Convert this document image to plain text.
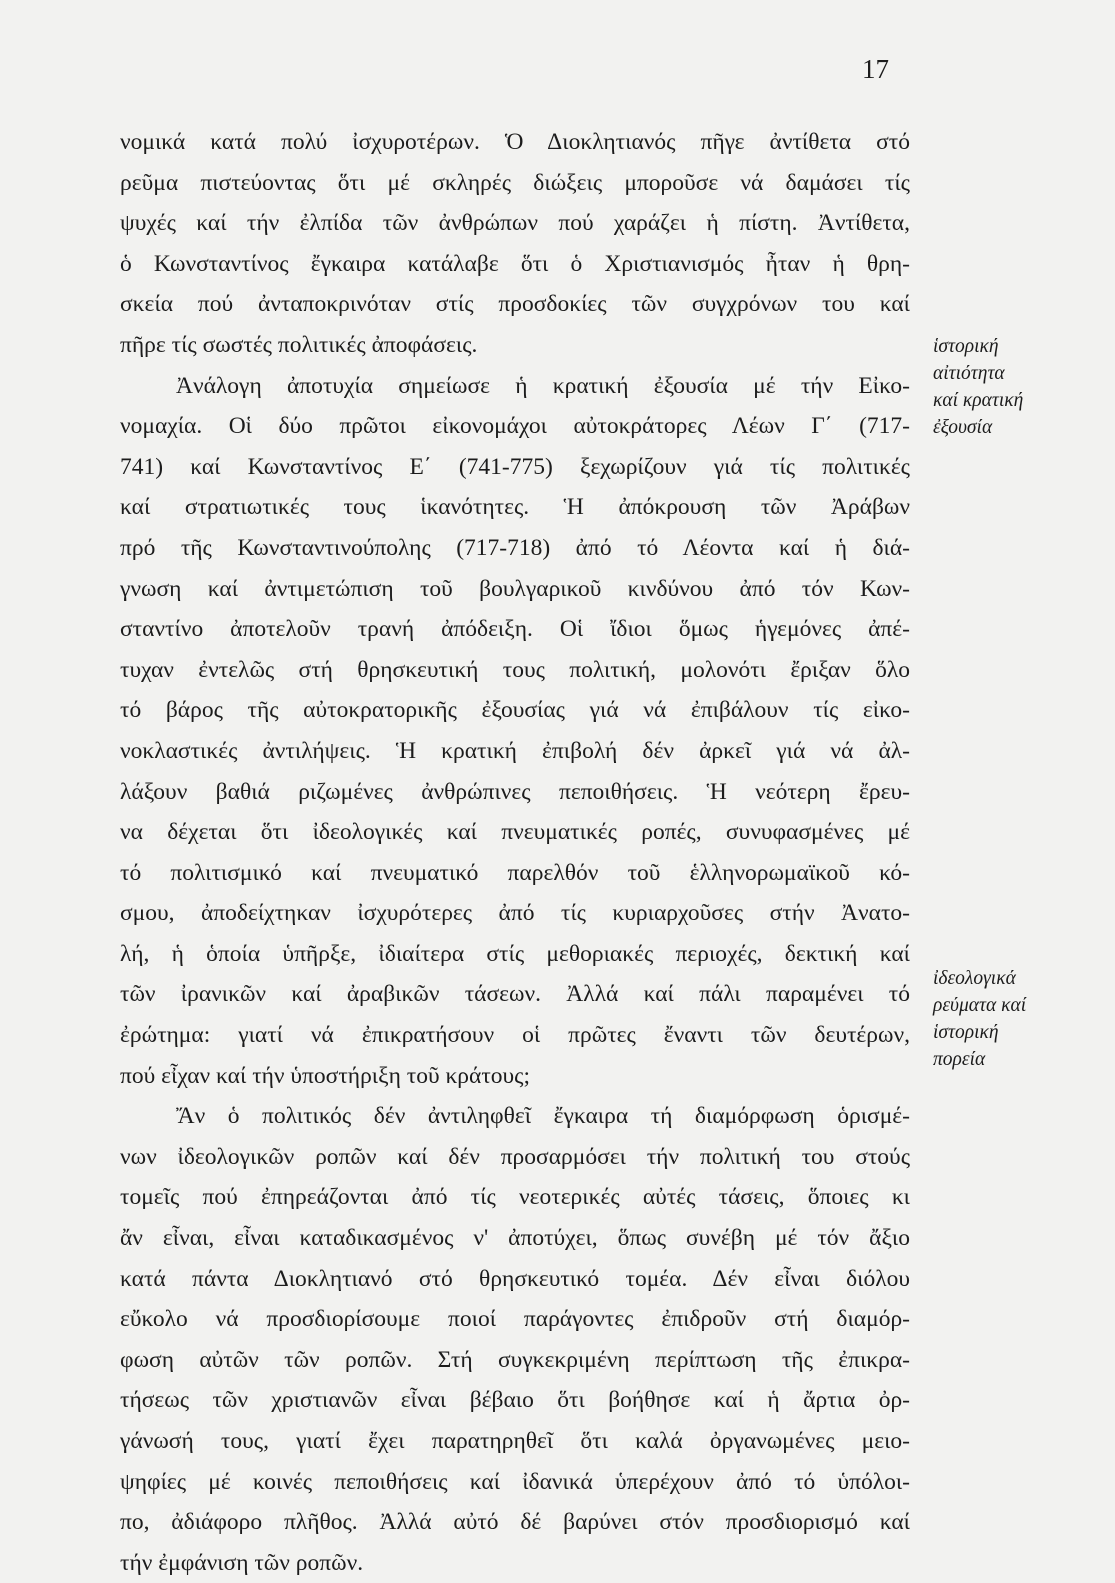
17
νομικά κατά πολύ ἰσχυροτέρων. Ὁ Διοκλητιανός πῆγε ἀντίθετα στό
ρεῦμα πιστεύοντας ὅτι μέ σκληρές διώξεις μποροῦσε νά δαμάσει τίς
ψυχές καί τήν ἐλπίδα τῶν ἀνθρώπων πού χαράζει ἡ πίστη. Ἀντίθετα,
ὁ Κωνσταντίνος ἔγκαιρα κατάλαβε ὅτι ὁ Χριστιανισμός ἦταν ἡ θρη-
σκεία πού ἀνταποκρινόταν στίς προσδοκίες τῶν συγχρόνων του καί
πῆρε τίς σωστές πολιτικές ἀποφάσεις.
Ἀνάλογη ἀποτυχία σημείωσε ἡ κρατική ἐξουσία μέ τήν Εἰκο-
νομαχία. Οἱ δύο πρῶτοι εἰκονομάχοι αὐτοκράτορες Λέων Γ΄ (717-
741) καί Κωνσταντίνος Ε΄ (741-775) ξεχωρίζουν γιά τίς πολιτικές
καί στρατιωτικές τους ἱκανότητες. Ἡ ἀπόκρουση τῶν Ἀράβων
πρό τῆς Κωνσταντινούπολης (717-718) ἀπό τό Λέοντα καί ἡ διά-
γνωση καί ἀντιμετώπιση τοῦ βουλγαρικοῦ κινδύνου ἀπό τόν Κων-
σταντίνο ἀποτελοῦν τρανή ἀπόδειξη. Οἱ ἴδιοι ὅμως ἡγεμόνες ἀπέ-
τυχαν ἐντελῶς στή θρησκευτική τους πολιτική, μολονότι ἔριξαν ὅλο
τό βάρος τῆς αὐτοκρατορικῆς ἐξουσίας γιά νά ἐπιβάλουν τίς εἰκο-
νοκλαστικές ἀντιλήψεις. Ἡ κρατική ἐπιβολή δέν ἀρκεῖ γιά νά ἀλ-
λάξουν βαθιά ριζωμένες ἀνθρώπινες πεποιθήσεις. Ἡ νεότερη ἔρευ-
να δέχεται ὅτι ἰδεολογικές καί πνευματικές ροπές, συνυφασμένες μέ
τό πολιτισμικό καί πνευματικό παρελθόν τοῦ ἑλληνορωμαϊκοῦ κό-
σμου, ἀποδείχτηκαν ἰσχυρότερες ἀπό τίς κυριαρχοῦσες στήν Ἀνατο-
λή, ἡ ὁποία ὑπῆρξε, ἰδιαίτερα στίς μεθοριακές περιοχές, δεκτική καί
τῶν ἰρανικῶν καί ἀραβικῶν τάσεων. Ἀλλά καί πάλι παραμένει τό
ἐρώτημα: γιατί νά ἐπικρατήσουν οἱ πρῶτες ἔναντι τῶν δευτέρων,
πού εἶχαν καί τήν ὑποστήριξη τοῦ κράτους;
Ἄν ὁ πολιτικός δέν ἀντιληφθεῖ ἔγκαιρα τή διαμόρφωση ὁρισμέ-
νων ἰδεολογικῶν ροπῶν καί δέν προσαρμόσει τήν πολιτική του στούς
τομεῖς πού ἐπηρεάζονται ἀπό τίς νεοτερικές αὐτές τάσεις, ὅποιες κι
ἄν εἶναι, εἶναι καταδικασμένος ν' ἀποτύχει, ὅπως συνέβη μέ τόν ἄξιο
κατά πάντα Διοκλητιανό στό θρησκευτικό τομέα. Δέν εἶναι διόλου
εὔκολο νά προσδιορίσουμε ποιοί παράγοντες ἐπιδροῦν στή διαμόρ-
φωση αὐτῶν τῶν ροπῶν. Στή συγκεκριμένη περίπτωση τῆς ἐπικρα-
τήσεως τῶν χριστιανῶν εἶναι βέβαιο ὅτι βοήθησε καί ἡ ἄρτια ὀρ-
γάνωσή τους, γιατί ἔχει παρατηρηθεῖ ὅτι καλά ὀργανωμένες μειο-
ψηφίες μέ κοινές πεποιθήσεις καί ἰδανικά ὑπερέχουν ἀπό τό ὑπόλοι-
πο, ἀδιάφορο πλῆθος. Ἀλλά αὐτό δέ βαρύνει στόν προσδιορισμό καί
τήν ἐμφάνιση τῶν ροπῶν.
ἱστορική
αἰτιότητα
καί κρατική
ἐξουσία
ἰδεολογικά
ρεύματα καί
ἱστορική
πορεία
